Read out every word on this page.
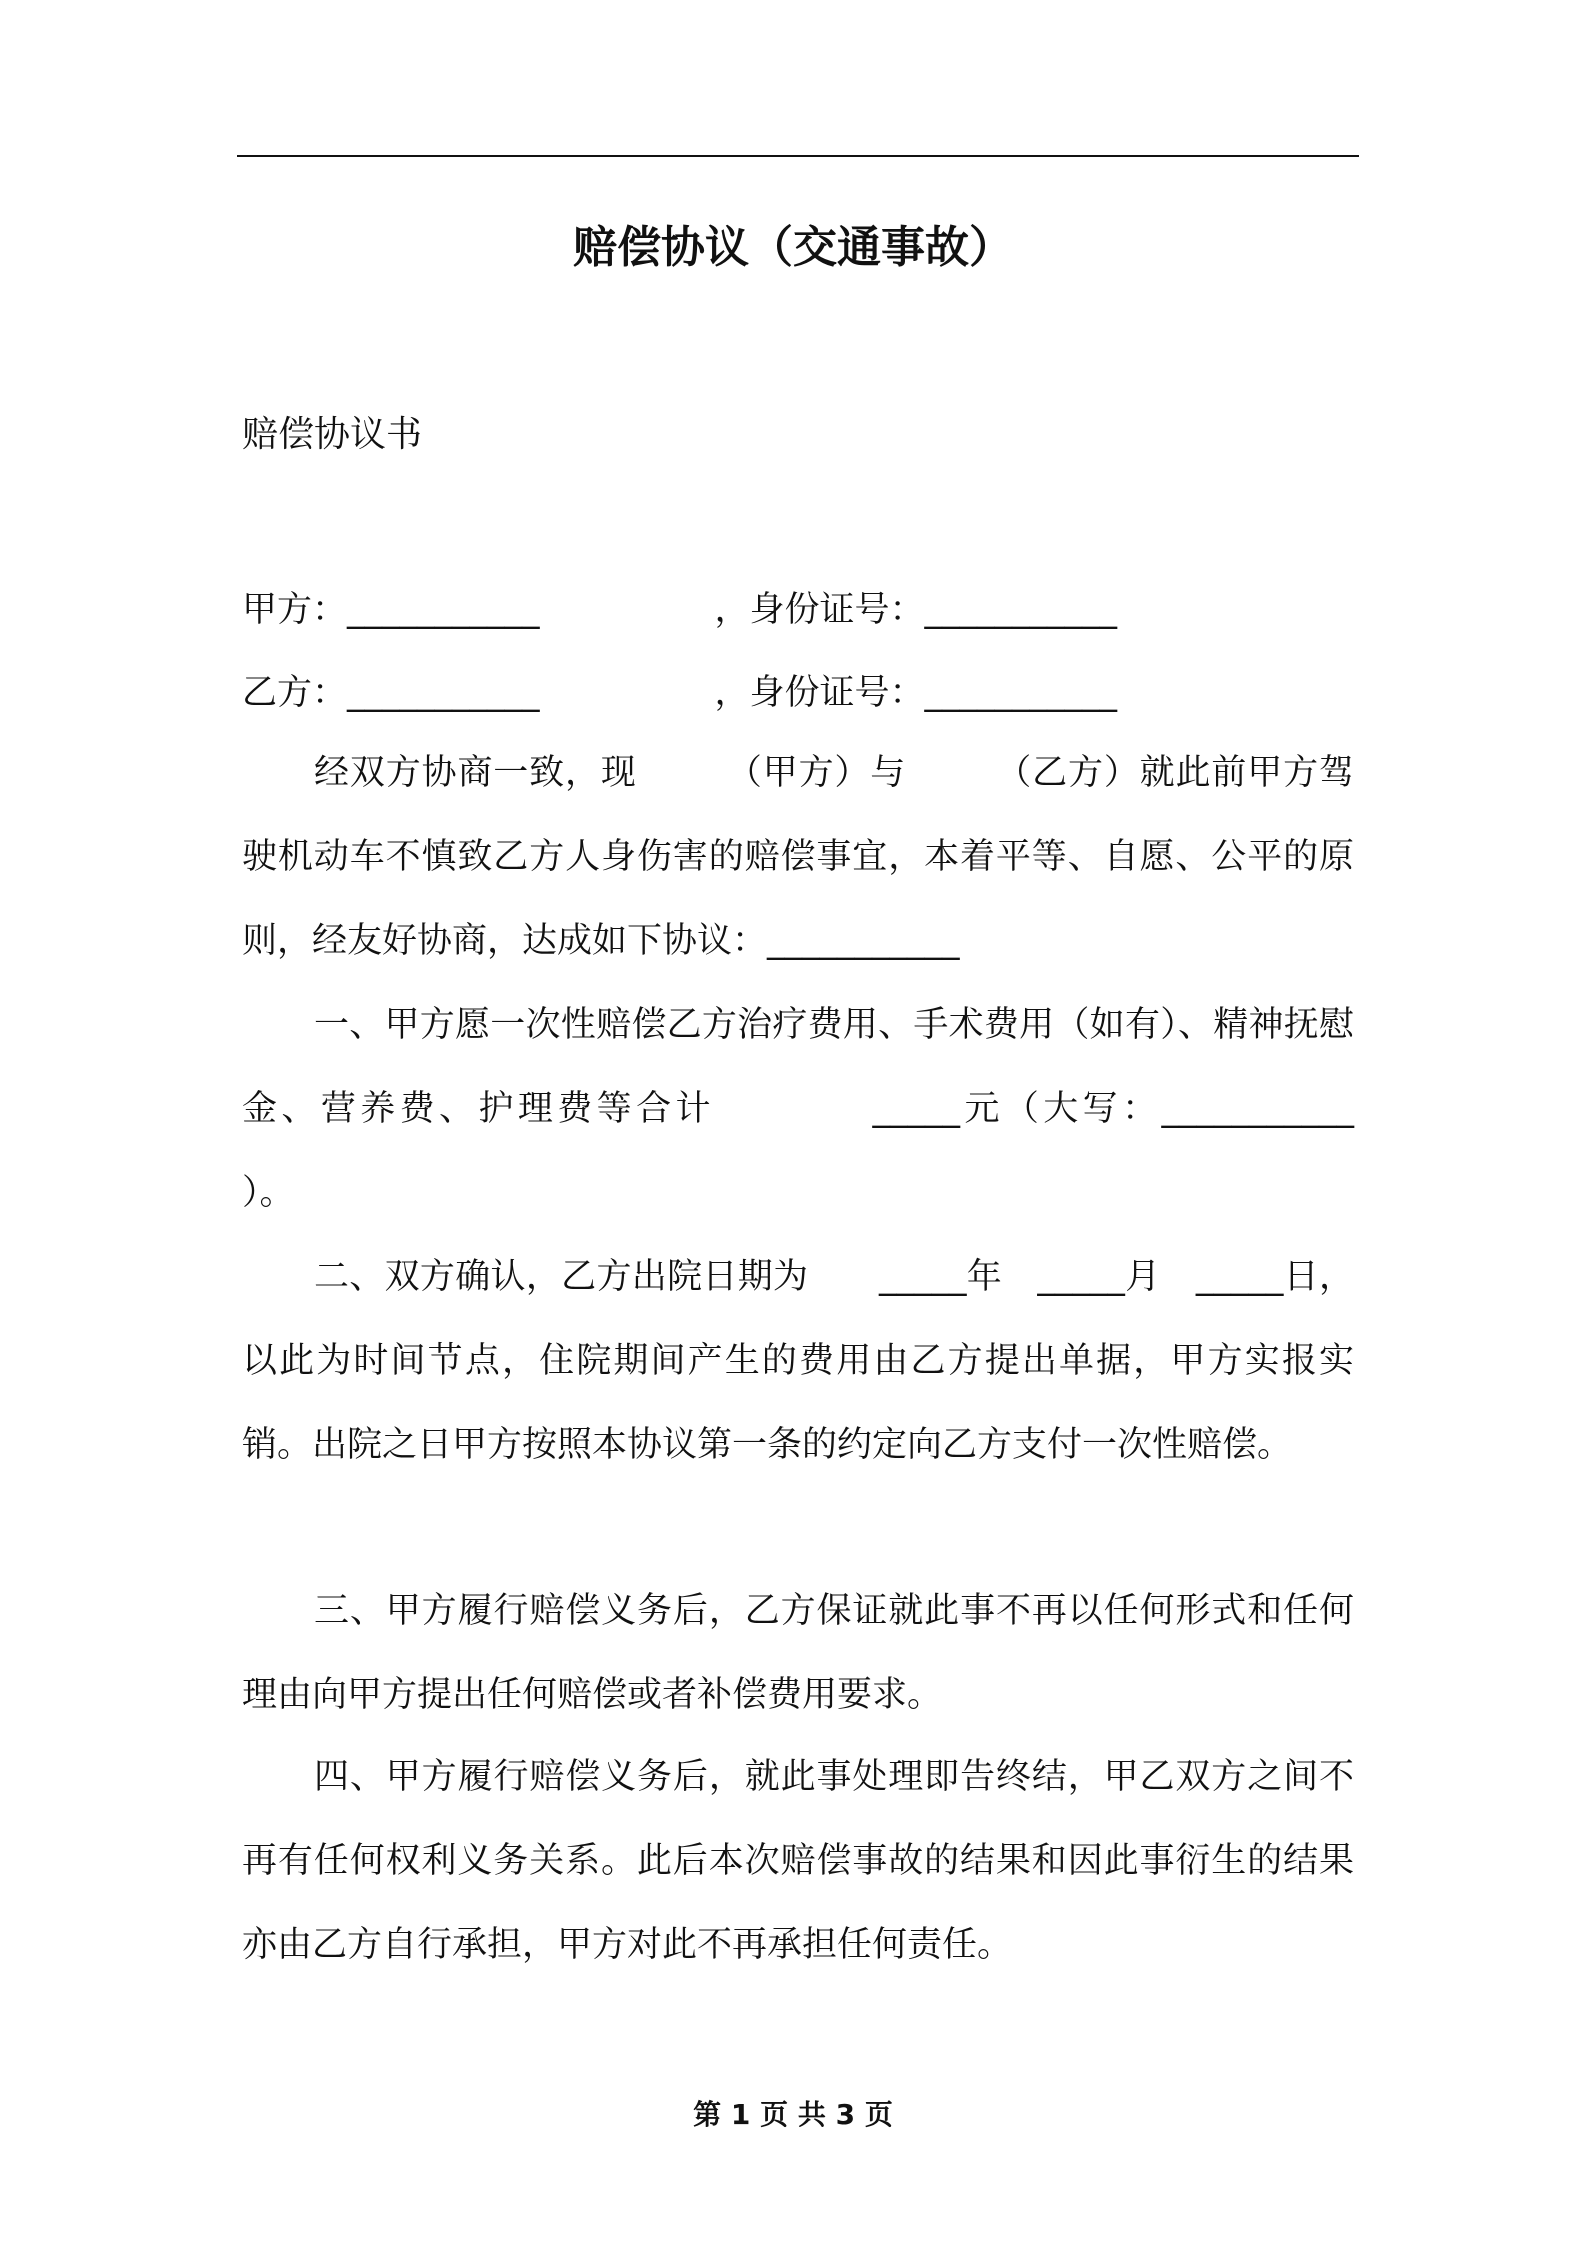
赔偿协议（交通事故）
赔偿协议书
甲方：___________　　　　　，身份证号：___________
乙方：___________　　　　　，身份证号：___________
经双方协商一致，现　　　（甲方）与　　　（乙方）就此前甲方驾驶机动车不慎致乙方人身伤害的赔偿事宜，本着平等、自愿、公平的原则，经友好协商，达成如下协议：___________
一、甲方愿一次性赔偿乙方治疗费用、手术费用（如有）、精神抚慰金、营养费、护理费等合计　　　　_____元（大写：___________　　　　　　）。
二、双方确认，乙方出院日期为　　_____年　_____月　_____日，以此为时间节点，住院期间产生的费用由乙方提出单据，甲方实报实销。出院之日甲方按照本协议第一条的约定向乙方支付一次性赔偿。
三、甲方履行赔偿义务后，乙方保证就此事不再以任何形式和任何理由向甲方提出任何赔偿或者补偿费用要求。
四、甲方履行赔偿义务后，就此事处理即告终结，甲乙双方之间不再有任何权利义务关系。此后本次赔偿事故的结果和因此事衍生的结果亦由乙方自行承担，甲方对此不再承担任何责任。
第 1 页 共 3 页
